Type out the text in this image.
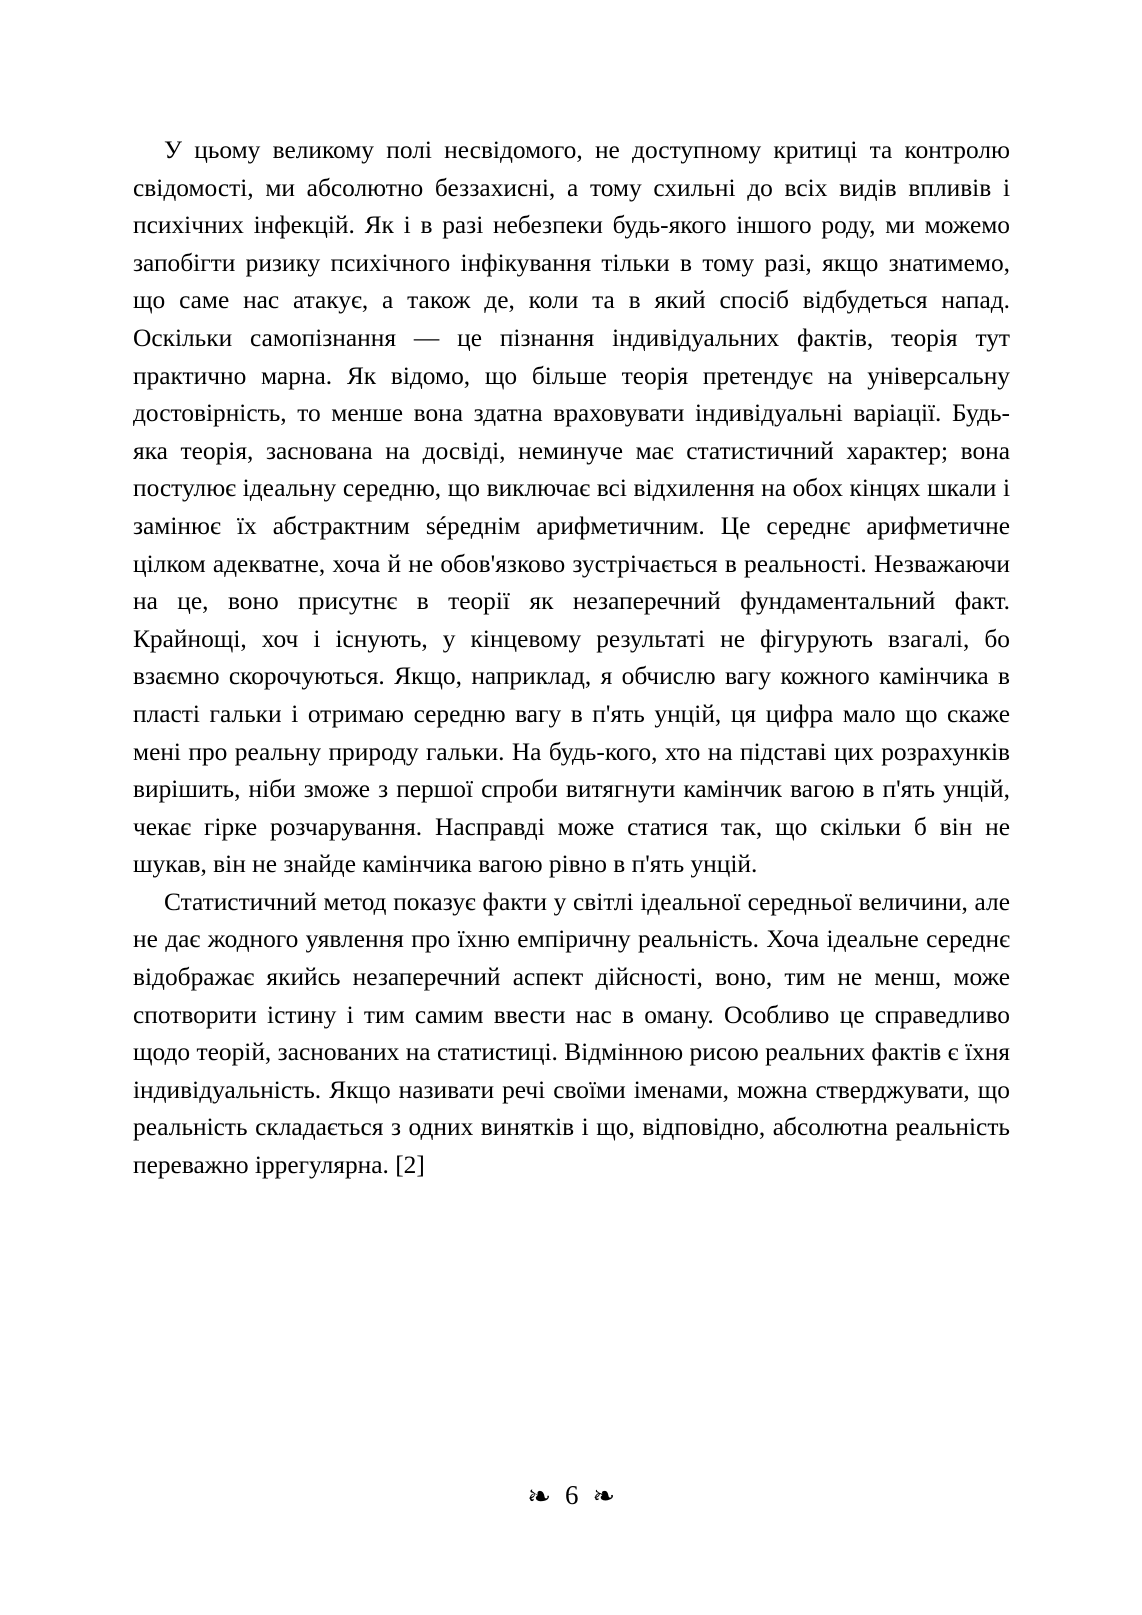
У цьому великому полі несвідомого, не доступному критиці та контролю свідомості, ми абсолютно беззахисні, а тому схильні до всіх видів впливів і психічних інфекцій. Як і в разі небезпеки будь-якого іншого роду, ми можемо запобігти ризику психічного інфікування тільки в тому разі, якщо знатимемо, що саме нас атакує, а також де, коли та в який спосіб відбудеться напад. Оскільки самопізнання — це пізнання індивідуальних фактів, теорія тут практично марна. Як відомо, що більше теорія претендує на універсальну достовірність, то менше вона здатна враховувати індивідуальні варіації. Будь-яка теорія, заснована на досвіді, неминуче має статистичний характер; вона постулює ідеальну середню, що виключає всі відхилення на обох кінцях шкали і замінює їх абстрактним séреднім арифметичним. Це середнє арифметичне цілком адекватне, хоча й не обов'язково зустрічається в реальності. Незважаючи на це, воно присутнє в теорії як незаперечний фундаментальний факт. Крайнощі, хоч і існують, у кінцевому результаті не фігурують взагалі, бо взаємно скорочуються. Якщо, наприклад, я обчислю вагу кожного камінчика в пласті гальки і отримаю середню вагу в п'ять унцій, ця цифра мало що скаже мені про реальну природу гальки. На будь-кого, хто на підставі цих розрахунків вирішить, ніби зможе з першої спроби витягнути камінчик вагою в п'ять унцій, чекає гірке розчарування. Насправді може статися так, що скільки б він не шукав, він не знайде камінчика вагою рівно в п'ять унцій.

Статистичний метод показує факти у світлі ідеальної середньої величини, але не дає жодного уявлення про їхню емпіричну реальність. Хоча ідеальне середнє відображає якийсь незаперечний аспект дійсності, воно, тим не менш, може спотворити істину і тим самим ввести нас в оману. Особливо це справедливо щодо теорій, заснованих на статистиці. Відмінною рисою реальних фактів є їхня індивідуальність. Якщо називати речі своїми іменами, можна стверджувати, що реальність складається з одних винятків і що, відповідно, абсолютна реальність переважно іррегулярна. [2]

☙ 6 ❧
